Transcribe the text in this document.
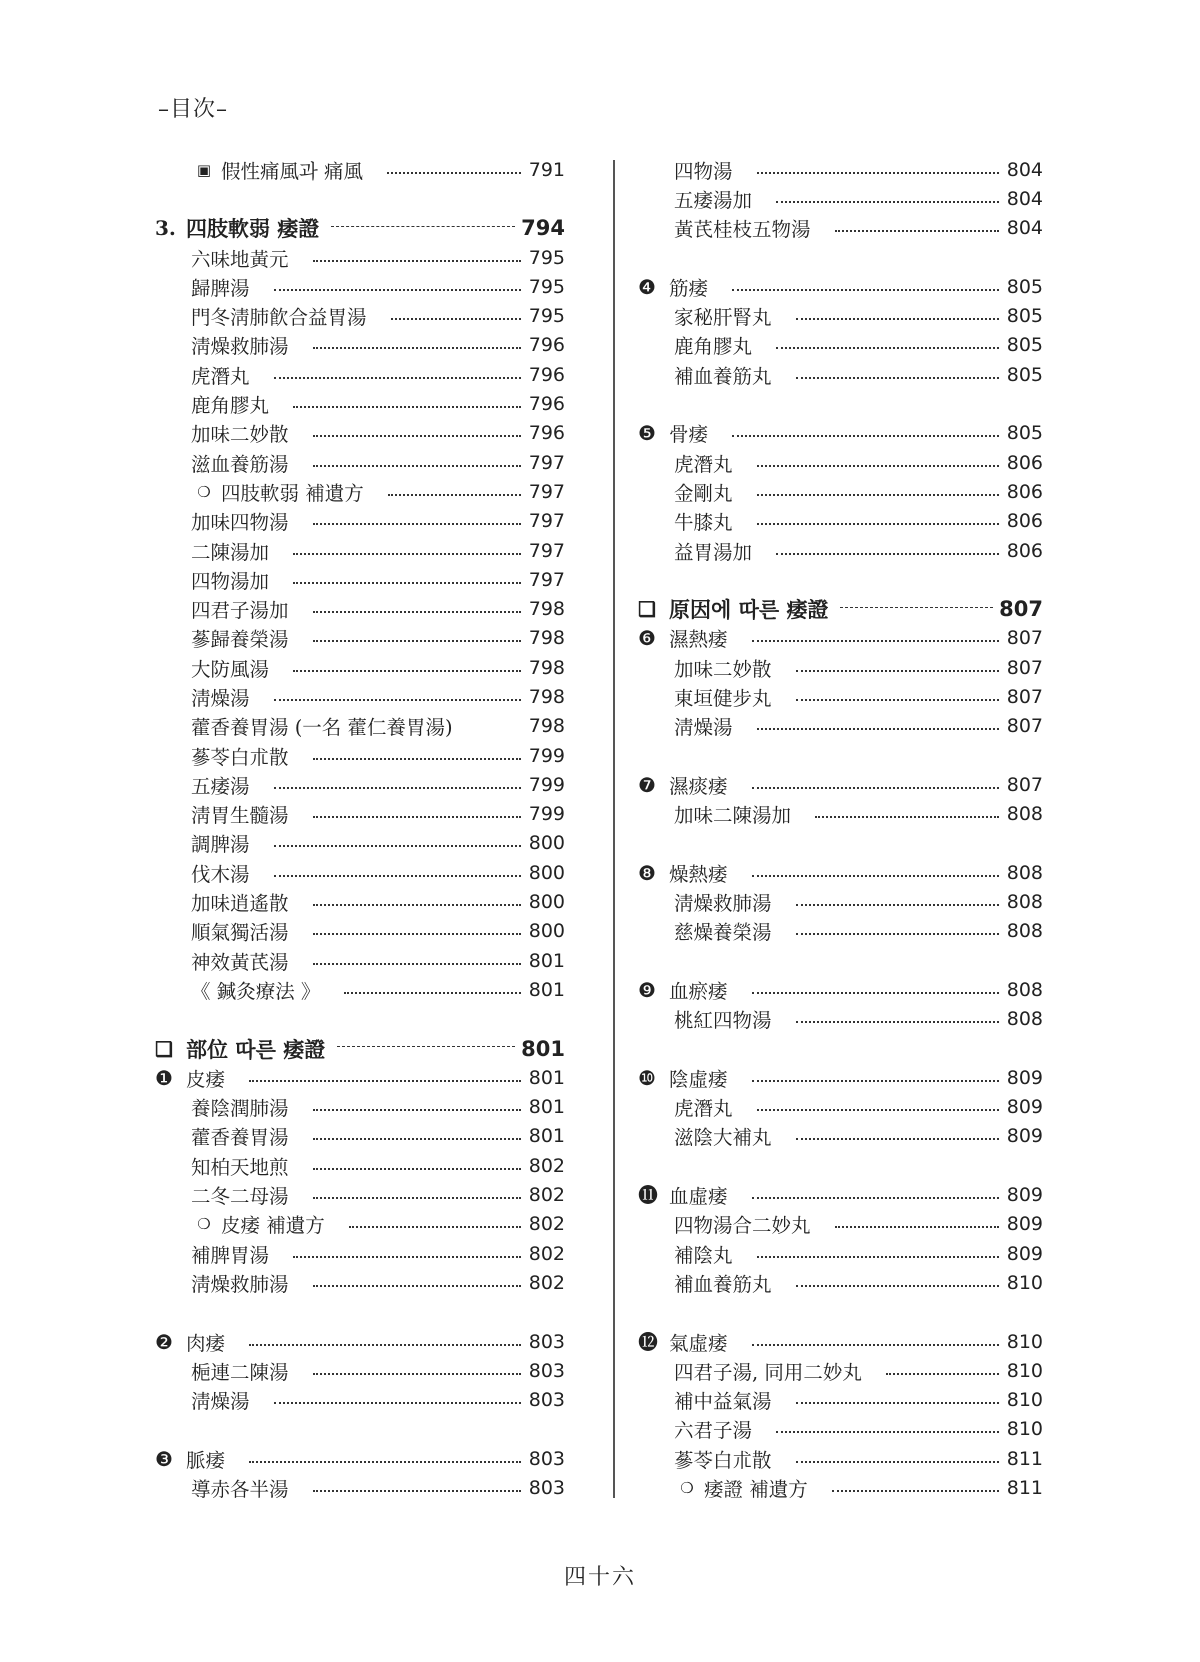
–目次–
▣ 假性痛風과 痛風	791
3. 四肢軟弱 痿證	794
六味地黃元	795
歸脾湯	795
門冬淸肺飮合益胃湯	795
淸燥救肺湯	796
虎潛丸	796
鹿角膠丸	796
加味二妙散	796
滋血養筋湯	797
❍ 四肢軟弱 補遺方	797
加味四物湯	797
二陳湯加	797
四物湯加	797
四君子湯加	798
蔘歸養榮湯	798
大防風湯	798
淸燥湯	798
藿香養胃湯 (一名 藿仁養胃湯)	798
蔘苓白朮散	799
五痿湯	799
淸胃生髓湯	799
調脾湯	800
伐木湯	800
加味逍遙散	800
順氣獨活湯	800
神效黃芪湯	801
《 鍼灸療法 》	801
❑ 部位 따른 痿證	801
❶ 皮痿	801
養陰潤肺湯	801
藿香養胃湯	801
知柏天地煎	802
二冬二母湯	802
❍ 皮痿 補遺方	802
補脾胃湯	802
淸燥救肺湯	802
❷ 肉痿	803
梔連二陳湯	803
淸燥湯	803
❸ 脈痿	803
導赤各半湯	803
四物湯	804
五痿湯加	804
黃芪桂枝五物湯	804
❹ 筋痿	805
家秘肝腎丸	805
鹿角膠丸	805
補血養筋丸	805
❺ 骨痿	805
虎潛丸	806
金剛丸	806
牛膝丸	806
益胃湯加	806
❑ 原因에 따른 痿證	807
❻ 濕熱痿	807
加味二妙散	807
東垣健步丸	807
淸燥湯	807
❼ 濕痰痿	807
加味二陳湯加	808
❽ 燥熱痿	808
淸燥救肺湯	808
慈燥養榮湯	808
❾ 血瘀痿	808
桃紅四物湯	808
❿ 陰虛痿	809
虎潛丸	809
滋陰大補丸	809
⓫ 血虛痿	809
四物湯合二妙丸	809
補陰丸	809
補血養筋丸	810
⓬ 氣虛痿	810
四君子湯, 同用二妙丸	810
補中益氣湯	810
六君子湯	810
蔘苓白朮散	811
❍ 痿證 補遺方	811
四十六
